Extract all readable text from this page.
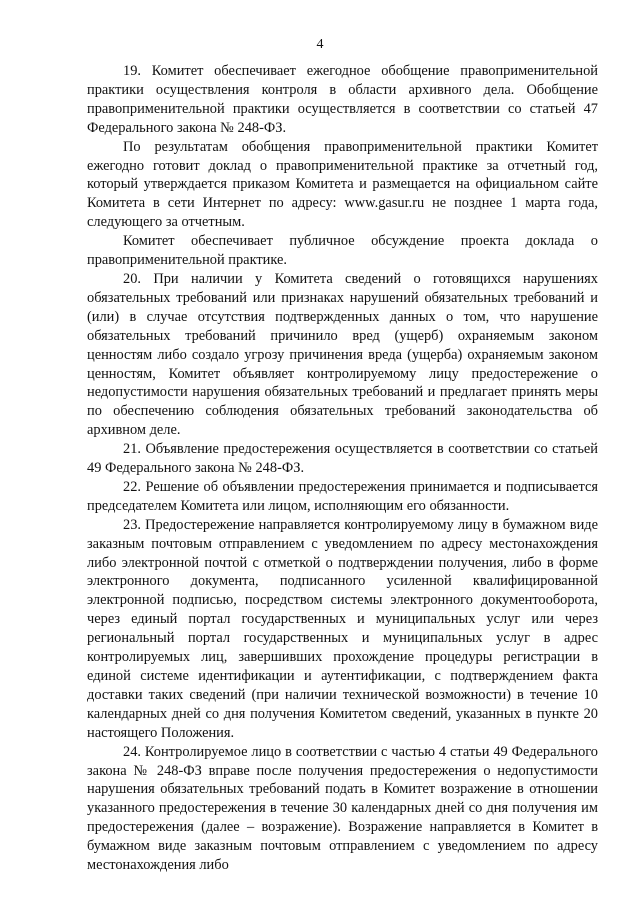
4

19. Комитет обеспечивает ежегодное обобщение правоприменительной практики осуществления контроля в области архивного дела. Обобщение правоприменительной практики осуществляется в соответствии со статьей 47 Федерального закона № 248-ФЗ.

По результатам обобщения правоприменительной практики Комитет ежегодно готовит доклад о правоприменительной практике за отчетный год, который утверждается приказом Комитета и размещается на официальном сайте Комитета в сети Интернет по адресу: www.gasur.ru не позднее 1 марта года, следующего за отчетным.

Комитет обеспечивает публичное обсуждение проекта доклада о правоприменительной практике.

20. При наличии у Комитета сведений о готовящихся нарушениях обязательных требований или признаках нарушений обязательных требований и (или) в случае отсутствия подтвержденных данных о том, что нарушение обязательных требований причинило вред (ущерб) охраняемым законом ценностям либо создало угрозу причинения вреда (ущерба) охраняемым законом ценностям, Комитет объявляет контролируемому лицу предостережение о недопустимости нарушения обязательных требований и предлагает принять меры по обеспечению соблюдения обязательных требований законодательства об архивном деле.

21. Объявление предостережения осуществляется в соответствии со статьей 49 Федерального закона № 248-ФЗ.

22. Решение об объявлении предостережения принимается и подписывается председателем Комитета или лицом, исполняющим его обязанности.

23. Предостережение направляется контролируемому лицу в бумажном виде заказным почтовым отправлением с уведомлением по адресу местонахождения либо электронной почтой с отметкой о подтверждении получения, либо в форме электронного документа, подписанного усиленной квалифицированной электронной подписью, посредством системы электронного документооборота, через единый портал государственных и муниципальных услуг или через региональный портал государственных и муниципальных услуг в адрес контролируемых лиц, завершивших прохождение процедуры регистрации в единой системе идентификации и аутентификации, с подтверждением факта доставки таких сведений (при наличии технической возможности) в течение 10 календарных дней со дня получения Комитетом сведений, указанных в пункте 20 настоящего Положения.

24. Контролируемое лицо в соответствии с частью 4 статьи 49 Федерального закона № 248-ФЗ вправе после получения предостережения о недопустимости нарушения обязательных требований подать в Комитет возражение в отношении указанного предостережения в течение 30 календарных дней со дня получения им предостережения (далее – возражение). Возражение направляется в Комитет в бумажном виде заказным почтовым отправлением с уведомлением по адресу местонахождения либо
